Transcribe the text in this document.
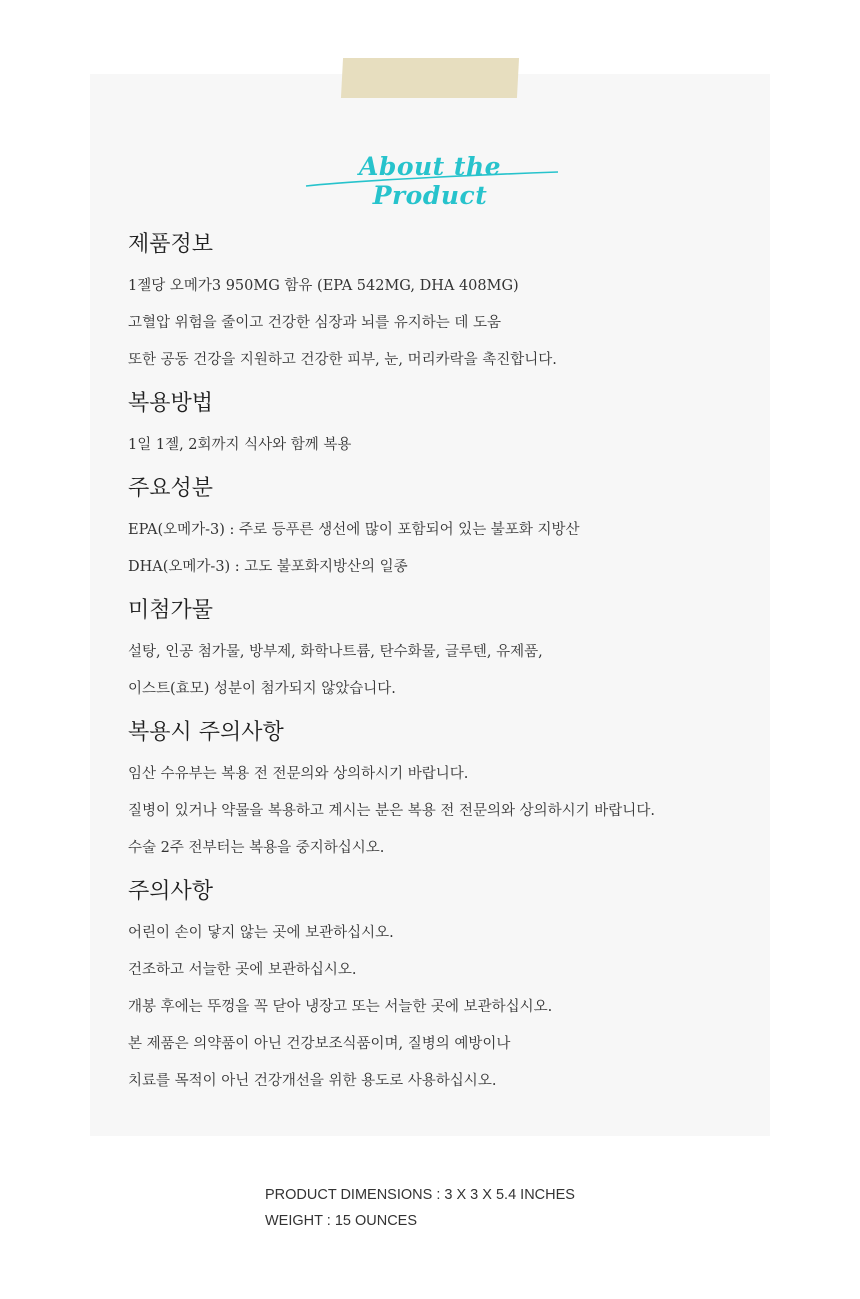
About the Product
제품정보
1젤당 오메가3 950MG 함유 (EPA 542MG, DHA 408MG)
고혈압 위험을 줄이고 건강한 심장과 뇌를 유지하는 데 도움
또한 공동 건강을 지원하고 건강한 피부, 눈, 머리카락을 촉진합니다.
복용방법
1일 1젤, 2회까지 식사와 함께 복용
주요성분
EPA(오메가-3) : 주로 등푸른 생선에 많이 포함되어 있는 불포화 지방산
DHA(오메가-3) : 고도 불포화지방산의 일종
미첨가물
설탕, 인공 첨가물, 방부제, 화학나트륨, 탄수화물, 글루텐, 유제품,
이스트(효모) 성분이 첨가되지 않았습니다.
복용시 주의사항
임산 수유부는 복용 전 전문의와 상의하시기 바랍니다.
질병이 있거나 약물을 복용하고 계시는 분은 복용 전 전문의와 상의하시기 바랍니다.
수술 2주 전부터는 복용을 중지하십시오.
주의사항
어린이 손이 닿지 않는 곳에 보관하십시오.
건조하고 서늘한 곳에 보관하십시오.
개봉 후에는 뚜껑을 꼭 닫아 냉장고 또는 서늘한 곳에 보관하십시오.
본 제품은 의약품이 아닌 건강보조식품이며, 질병의 예방이나
치료를 목적이 아닌 건강개선을 위한 용도로 사용하십시오.
PRODUCT DIMENSIONS : 3 X 3 X 5.4 INCHES
WEIGHT : 15 OUNCES
